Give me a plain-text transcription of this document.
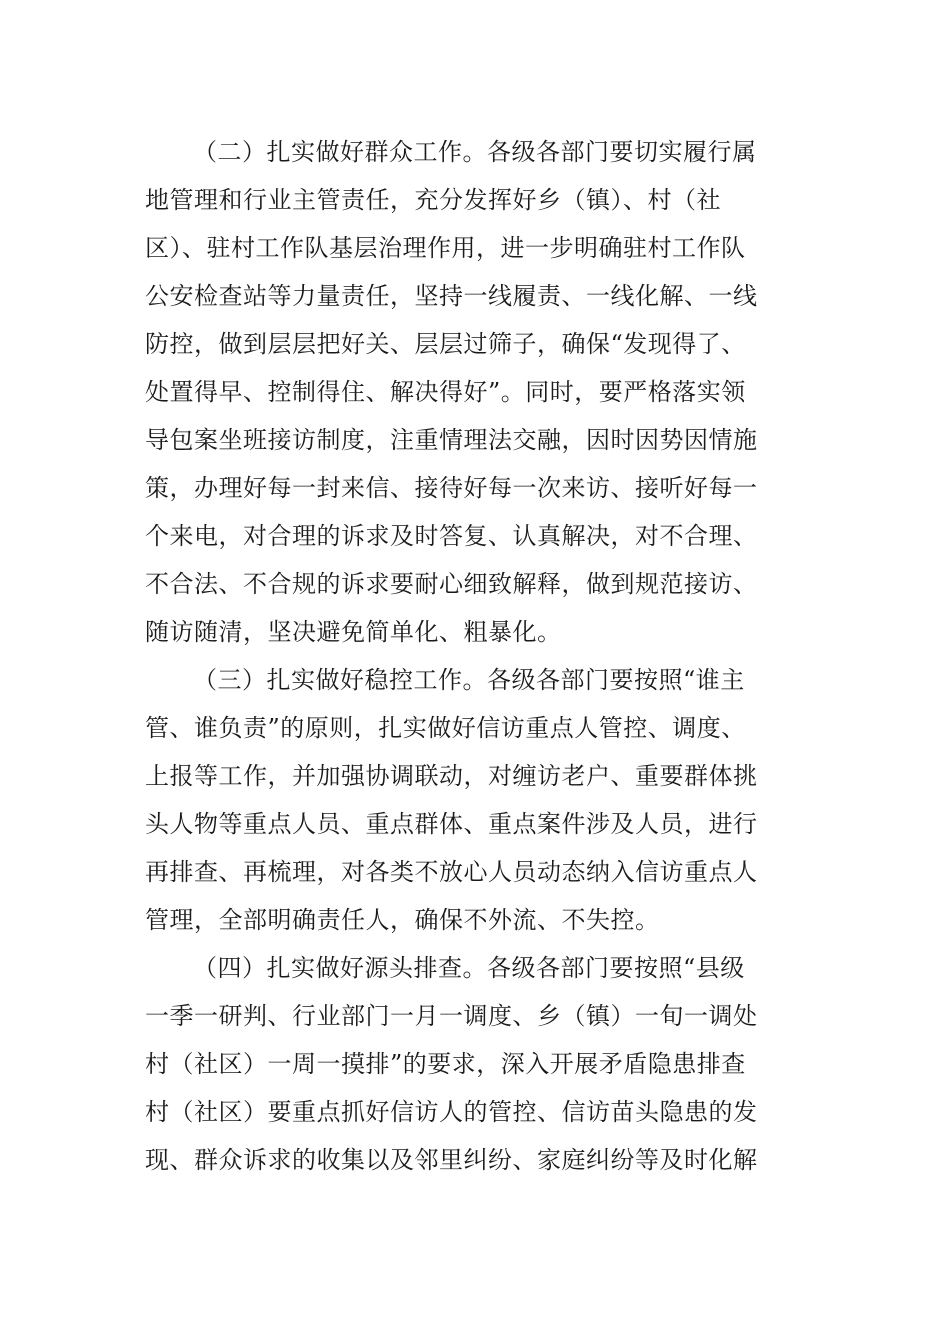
（二）扎实做好群众工作。各级各部门要切实履行属
地管理和行业主管责任，充分发挥好乡（镇）、村（社
区）、驻村工作队基层治理作用，进一步明确驻村工作队
公安检查站等力量责任，坚持一线履责、一线化解、一线
防控，做到层层把好关、层层过筛子，确保“发现得了、
处置得早、控制得住、解决得好”。同时，要严格落实领
导包案坐班接访制度，注重情理法交融，因时因势因情施
策，办理好每一封来信、接待好每一次来访、接听好每一
个来电，对合理的诉求及时答复、认真解决，对不合理、
不合法、不合规的诉求要耐心细致解释，做到规范接访、
随访随清，坚决避免简单化、粗暴化。
（三）扎实做好稳控工作。各级各部门要按照“谁主
管、谁负责”的原则，扎实做好信访重点人管控、调度、
上报等工作，并加强协调联动，对缠访老户、重要群体挑
头人物等重点人员、重点群体、重点案件涉及人员，进行
再排查、再梳理，对各类不放心人员动态纳入信访重点人
管理，全部明确责任人，确保不外流、不失控。
（四）扎实做好源头排查。各级各部门要按照“县级
一季一研判、行业部门一月一调度、乡（镇）一旬一调处
村（社区）一周一摸排”的要求，深入开展矛盾隐患排查
村（社区）要重点抓好信访人的管控、信访苗头隐患的发
现、群众诉求的收集以及邻里纠纷、家庭纠纷等及时化解
